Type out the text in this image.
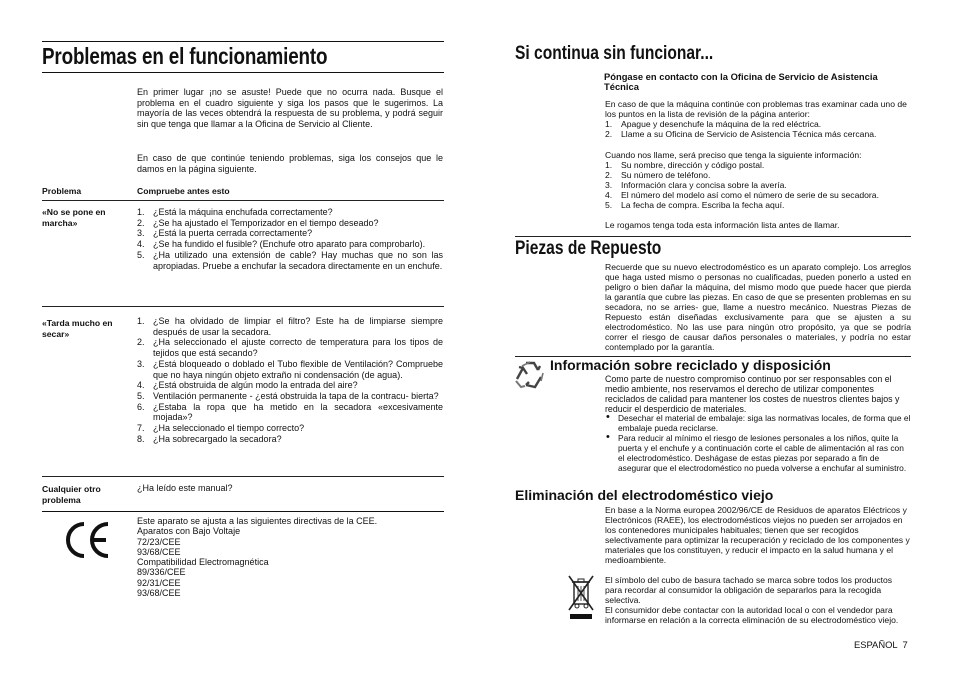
Problemas en el funcionamiento
En primer lugar ¡no se asuste! Puede que no ocurra nada. Busque el problema en el cuadro siguiente y siga los pasos que le sugerimos. La mayoría de las veces obtendrá la respuesta de su problema, y podrá seguir sin que tenga que llamar a la Oficina de Servicio al Cliente.
En caso de que continúe teniendo problemas, siga los consejos que le damos en la página siguiente.
Problema	Compruebe antes esto
«No se pone en marcha»
1. ¿Está la máquina enchufada correctamente?
2. ¿Se ha ajustado el Temporizador en el tiempo deseado?
3. ¿Está la puerta cerrada correctamente?
4. ¿Se ha fundido el fusible? (Enchufe otro aparato para comprobarlo).
5. ¿Ha utilizado una extensión de cable? Hay muchas que no son las apropiadas. Pruebe a enchufar la secadora directamente en un enchufe.
«Tarda mucho en secar»
1. ¿Se ha olvidado de limpiar el filtro? Este ha de limpiarse siempre después de usar la secadora.
2. ¿Ha seleccionado el ajuste correcto de temperatura para los tipos de tejidos que está secando?
3. ¿Está bloqueado o doblado el Tubo flexible de Ventilación? Compruebe que no haya ningún objeto extraño ni condensación (de agua).
4. ¿Está obstruida de algún modo la entrada del aire?
5. Ventilación permanente - ¿está obstruida la tapa de la contracu- bierta?
6. ¿Estaba la ropa que ha metido en la secadora «excesivamente mojada»?
7. ¿Ha seleccionado el tiempo correcto?
8. ¿Ha sobrecargado la secadora?
Cualquier otro problema
¿Ha leído este manual?
Este aparato se ajusta a las siguientes directivas de la CEE.
Aparatos con Bajo Voltaje
72/23/CEE
93/68/CEE
Compatibilidad Electromagnética
89/336/CEE
92/31/CEE
93/68/CEE
Si continua sin funcionar...
Póngase en contacto con la Oficina de Servicio de Asistencia Técnica
En caso de que la máquina continúe con problemas tras examinar cada uno de los puntos en la lista de revisión de la página anterior:
1. Apague y desenchufe la máquina de la red eléctrica.
2. Llame a su Oficina de Servicio de Asistencia Técnica más cercana.
Cuando nos llame, será preciso que tenga la siguiente información:
1. Su nombre, dirección y código postal.
2. Su número de teléfono.
3. Información clara y concisa sobre la avería.
4. El número del modelo así como el número de serie de su secadora.
5. La fecha de compra. Escriba la fecha aquí.
Le rogamos tenga toda esta información lista antes de llamar.
Piezas de Repuesto
Recuerde que su nuevo electrodoméstico es un aparato complejo. Los arreglos que haga usted mismo o personas no cualificadas, pueden ponerlo a usted en peligro o bien dañar la máquina, del mismo modo que puede hacer que pierda la garantía que cubre las piezas. En caso de que se presenten problemas en su secadora, no se arries- gue, llame a nuestro mecánico. Nuestras Piezas de Repuesto están diseñadas exclusivamente para que se ajusten a su electrodoméstico. No las use para ningún otro propósito, ya que se podría correr el riesgo de causar daños personales o materiales, y podría no estar contemplado por la garantía.
Información sobre reciclado y disposición
Como parte de nuestro compromiso continuo por ser responsables con el medio ambiente, nos reservamos el derecho de utilizar componentes reciclados de calidad para mantener los costes de nuestros clientes bajos y reducir el desperdicio de materiales.
• Desechar el material de embalaje: siga las normativas locales, de forma que el embalaje pueda reciclarse.
• Para reducir al mínimo el riesgo de lesiones personales a los niños, quite la puerta y el enchufe y a continuación corte el cable de alimentación al ras con el electrodoméstico. Deshágase de estas piezas por separado a fin de asegurar que el electrodoméstico no pueda volverse a enchufar al suministro.
Eliminación del electrodoméstico viejo
En base a la Norma europea 2002/96/CE de Residuos de aparatos Eléctricos y Electrónicos (RAEE), los electrodomésticos viejos no pueden ser arrojados en los contenedores municipales habituales; tienen que ser recogidos selectivamente para optimizar la recuperación y reciclado de los componentes y materiales que los constituyen, y reducir el impacto en la salud humana y el medioambiente.
El símbolo del cubo de basura tachado se marca sobre todos los productos para recordar al consumidor la obligación de separarlos para la recogida selectiva.
El consumidor debe contactar con la autoridad local o con el vendedor para informarse en relación a la correcta eliminación de su electrodoméstico viejo.
ESPAÑOL  7
